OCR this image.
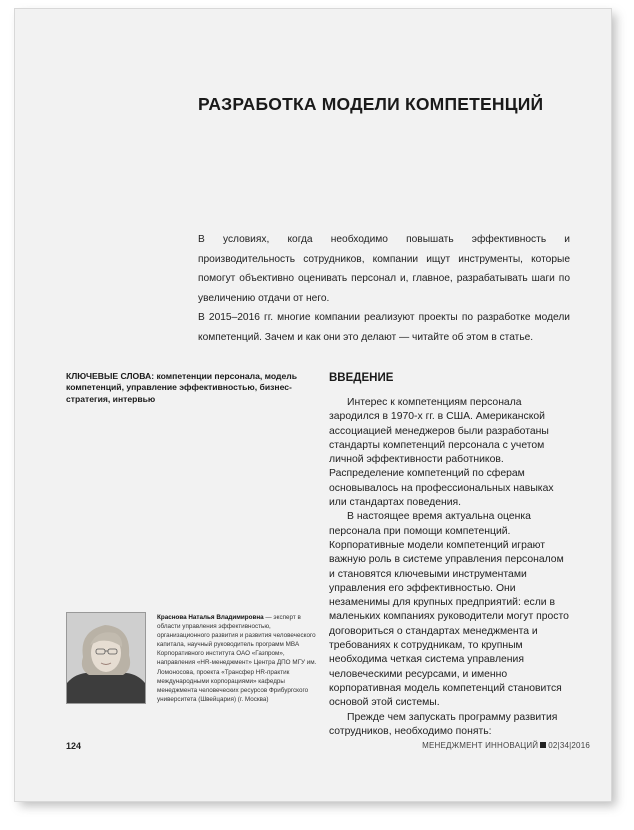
РАЗРАБОТКА МОДЕЛИ КОМПЕТЕНЦИЙ

В условиях, когда необходимо повышать эффективность и производительность сотрудников, компании ищут инструменты, которые помогут объективно оценивать персонал и, главное, разрабатывать шаги по увеличению отдачи от него.

В 2015–2016 гг. многие компании реализуют проекты по разработке модели компетенций. Зачем и как они это делают — читайте об этом в статье.

КЛЮЧЕВЫЕ СЛОВА: компетенции персонала, модель компетенций, управление эффективностью, бизнес-стратегия, интервью
ВВЕДЕНИЕ

Интерес к компетенциям персонала зародился в 1970-х гг. в США. Американской ассоциацией менеджеров были разработаны стандарты компетенций персонала с учетом личной эффективности работников. Распределение компетенций по сферам основывалось на профессиональных навыках или стандартах поведения.

В настоящее время актуальна оценка персонала при помощи компетенций. Корпоративные модели компетенций играют важную роль в системе управления персоналом и становятся ключевыми инструментами управления его эффективностью. Они незаменимы для крупных предприятий: если в маленьких компаниях руководители могут просто договориться о стандартах менеджмента и требованиях к сотрудникам, то крупным необходима четкая система управления человеческими ресурсами, и именно корпоративная модель компетенций становится основой этой системы.

Прежде чем запускать программу развития сотрудников, необходимо понять:

Краснова Наталья Владимировна — эксперт в области управления эффективностью, организационного развития и развития человеческого капитала, научный руководитель программ MBA Корпоративного института ОАО «Газпром», направления «HR-менеджмент» Центра ДПО МГУ им. Ломоносова, проекта «Трансфер HR-практик международными корпорациями» кафедры менеджмента человеческих ресурсов Фрибургского университета (Швейцария) (г. Москва)
124	МЕНЕДЖМЕНТ ИННОВАЦИЙ 02|34|2016
